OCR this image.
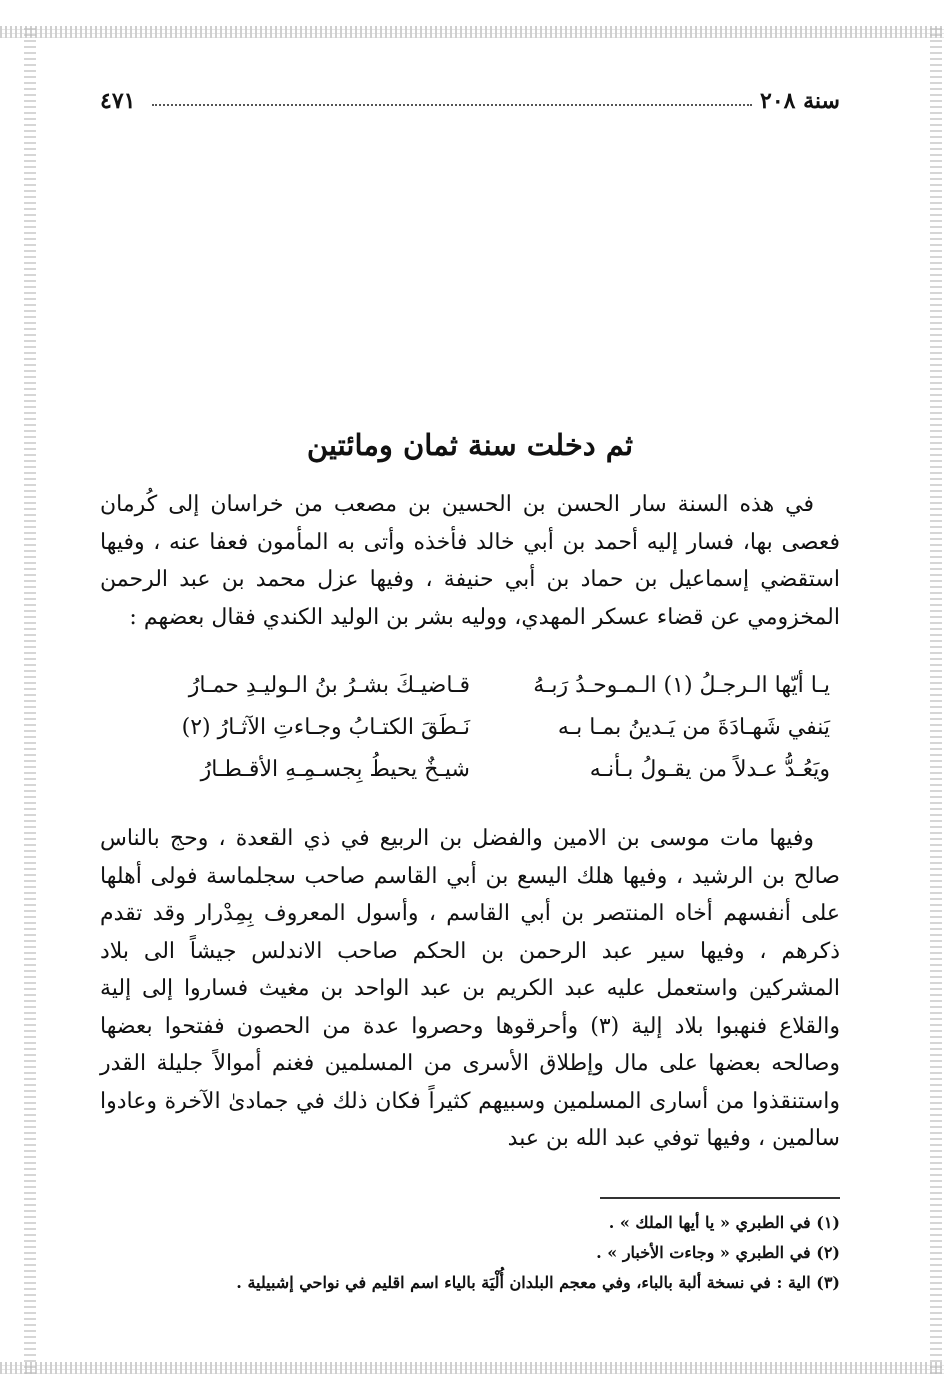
سنة ٢٠٨
٤٧١
ثم دخلت سنة ثمان ومائتين
في هذه السنة سار الحسن بن الحسين بن مصعب من خراسان إلى كُرمان فعصى بها، فسار إليه أحمد بن أبي خالد فأخذه وأتى به المأمون فعفا عنه ، وفيها استقضي إسماعيل بن حماد بن أبي حنيفة ، وفيها عزل محمد بن عبد الرحمن المخزومي عن قضاء عسكر المهدي، ووليه بشر بن الوليد الكندي فقال بعضهم :
يـا أيّها الـرجـلُ (١) الـمـوحـدُ رَبـهُ
قـاضيـكَ بشـرُ بنُ الـوليـدِ حمـارُ
يَنفي شَهـادَةَ من يَـدينُ بمـا بـه
نَـطَقَ الكتـابُ وجـاءتِ الآثـارُ (٢)
ويَعُـدُّ عـدلاً من يقـولُ بـأنـه
شيـخٌ يحيطُ بِجسـمِـهِ الأقـطـارُ
وفيها مات موسى بن الامين والفضل بن الربيع في ذي القعدة ، وحج بالناس صالح بن الرشيد ، وفيها هلك اليسع بن أبي القاسم صاحب سجلماسة فولى أهلها على أنفسهم أخاه المنتصر بن أبي القاسم ، وأسول المعروف بِمِدْرار وقد تقدم ذكرهم ، وفيها سير عبد الرحمن بن الحكم صاحب الاندلس جيشاً الى بلاد المشركين واستعمل عليه عبد الكريم بن عبد الواحد بن مغيث فساروا إلى إلية والقلاع فنهبوا بلاد إلية (٣) وأحرقوها وحصروا عدة من الحصون ففتحوا بعضها وصالحه بعضها على مال وإطلاق الأسرى من المسلمين فغنم أموالاً جليلة القدر واستنقذوا من أسارى المسلمين وسبيهم كثيراً فكان ذلك في جمادىٰ الآخرة وعادوا سالمين ، وفيها توفي عبد الله بن عبد
(١) في الطبري « يا أيها الملك » .
(٢) في الطبري « وجاءت الأخبار » .
(٣) الية : في نسخة ألبة بالباء، وفي معجم البلدان أُلْيَة بالياء اسم اقليم في نواحي إشبيلية .
